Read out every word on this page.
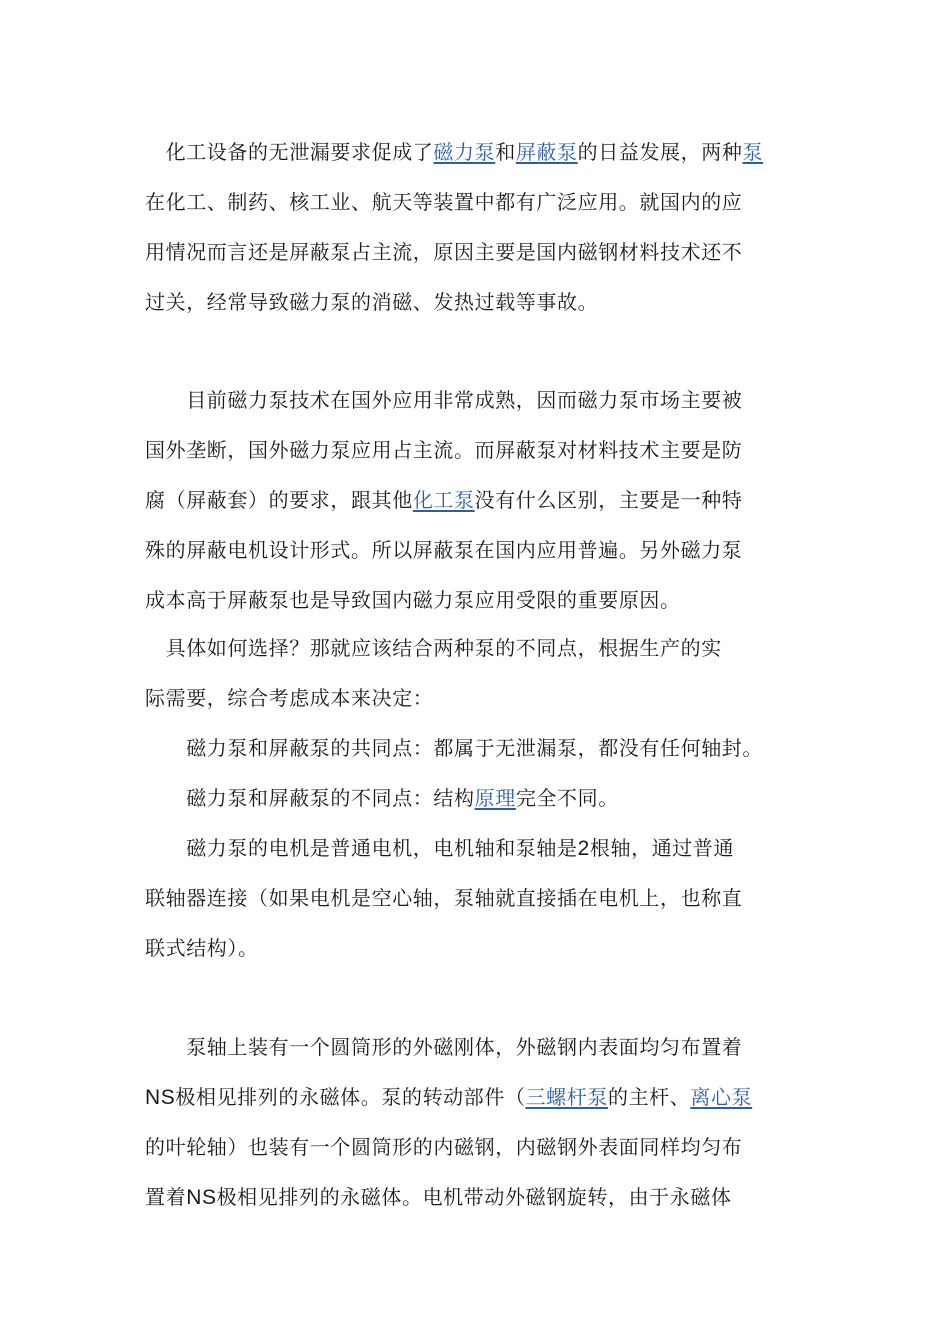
　化工设备的无泄漏要求促成了磁力泵和屏蔽泵的日益发展，两种泵
在化工、制药、核工业、航天等装置中都有广泛应用。就国内的应
用情况而言还是屏蔽泵占主流，原因主要是国内磁钢材料技术还不
过关，经常导致磁力泵的消磁、发热过载等事故。
　　目前磁力泵技术在国外应用非常成熟，因而磁力泵市场主要被
国外垄断，国外磁力泵应用占主流。而屏蔽泵对材料技术主要是防
腐（屏蔽套）的要求，跟其他化工泵没有什么区别，主要是一种特
殊的屏蔽电机设计形式。所以屏蔽泵在国内应用普遍。另外磁力泵
成本高于屏蔽泵也是导致国内磁力泵应用受限的重要原因。
　具体如何选择？那就应该结合两种泵的不同点，根据生产的实
际需要，综合考虑成本来决定：
　　磁力泵和屏蔽泵的共同点：都属于无泄漏泵，都没有任何轴封。
　　磁力泵和屏蔽泵的不同点：结构原理完全不同。
　　磁力泵的电机是普通电机，电机轴和泵轴是2根轴，通过普通
联轴器连接（如果电机是空心轴，泵轴就直接插在电机上，也称直
联式结构）。
　　泵轴上装有一个圆筒形的外磁刚体，外磁钢内表面均匀布置着
NS极相见排列的永磁体。泵的转动部件（三螺杆泵的主杆、离心泵
的叶轮轴）也装有一个圆筒形的内磁钢，内磁钢外表面同样均匀布
置着NS极相见排列的永磁体。电机带动外磁钢旋转，由于永磁体
